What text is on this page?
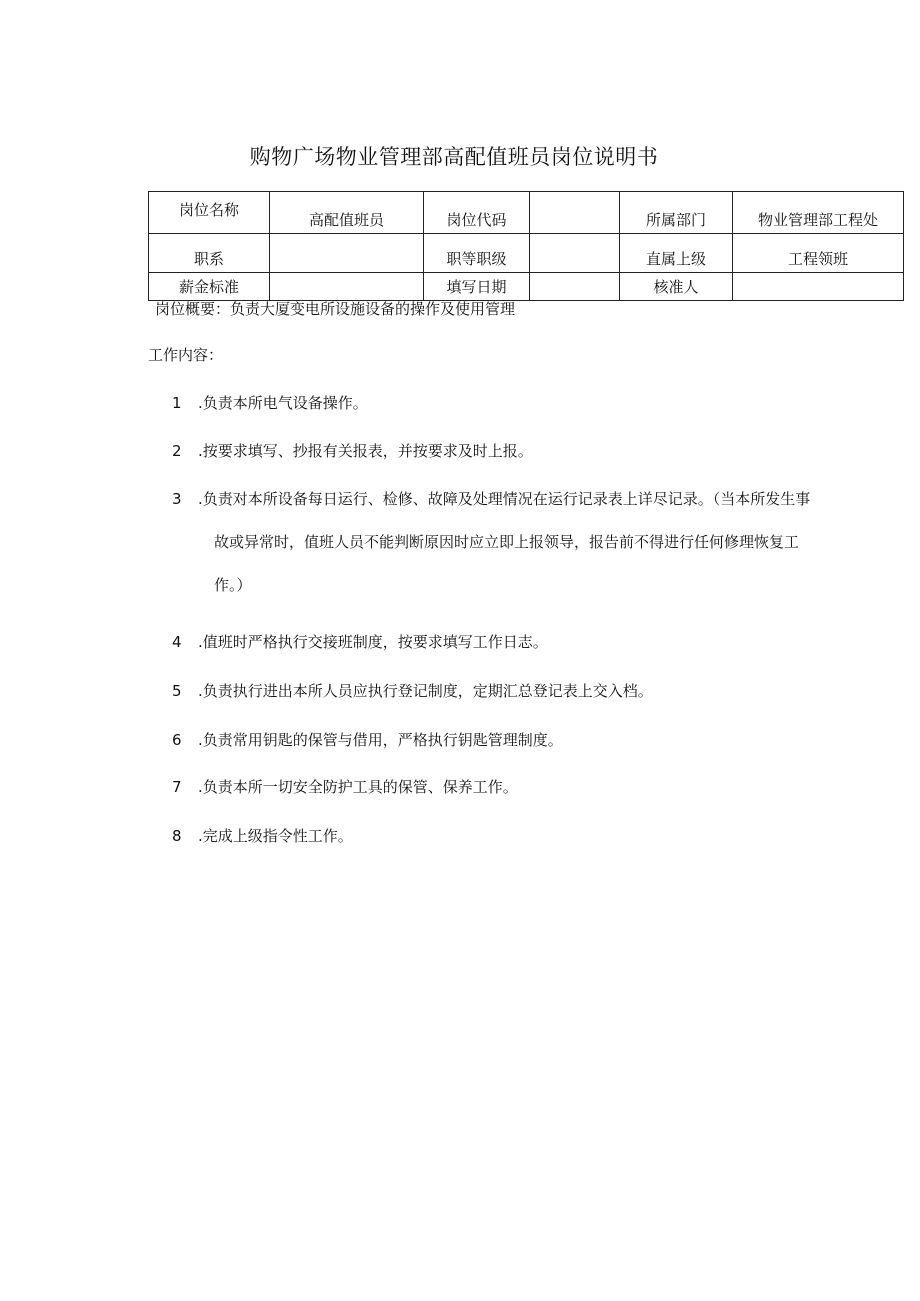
购物广场物业管理部高配值班员岗位说明书
岗位名称	高配值班员	岗位代码		所属部门	物业管理部工程处
职系		职等职级		直属上级	工程领班
薪金标准		填写日期		核准人	
岗位概要：负责大厦变电所设施设备的操作及使用管理
工作内容：
1 .负责本所电气设备操作。
2 .按要求填写、抄报有关报表，并按要求及时上报。
3 .负责对本所设备每日运行、检修、故障及处理情况在运行记录表上详尽记录。（当本所发生事
故或异常时，值班人员不能判断原因时应立即上报领导，报告前不得进行任何修理恢复工
作。）
4 .值班时严格执行交接班制度，按要求填写工作日志。
5 .负责执行进出本所人员应执行登记制度，定期汇总登记表上交入档。
6 .负责常用钥匙的保管与借用，严格执行钥匙管理制度。
7 .负责本所一切安全防护工具的保管、保养工作。
8 .完成上级指令性工作。
